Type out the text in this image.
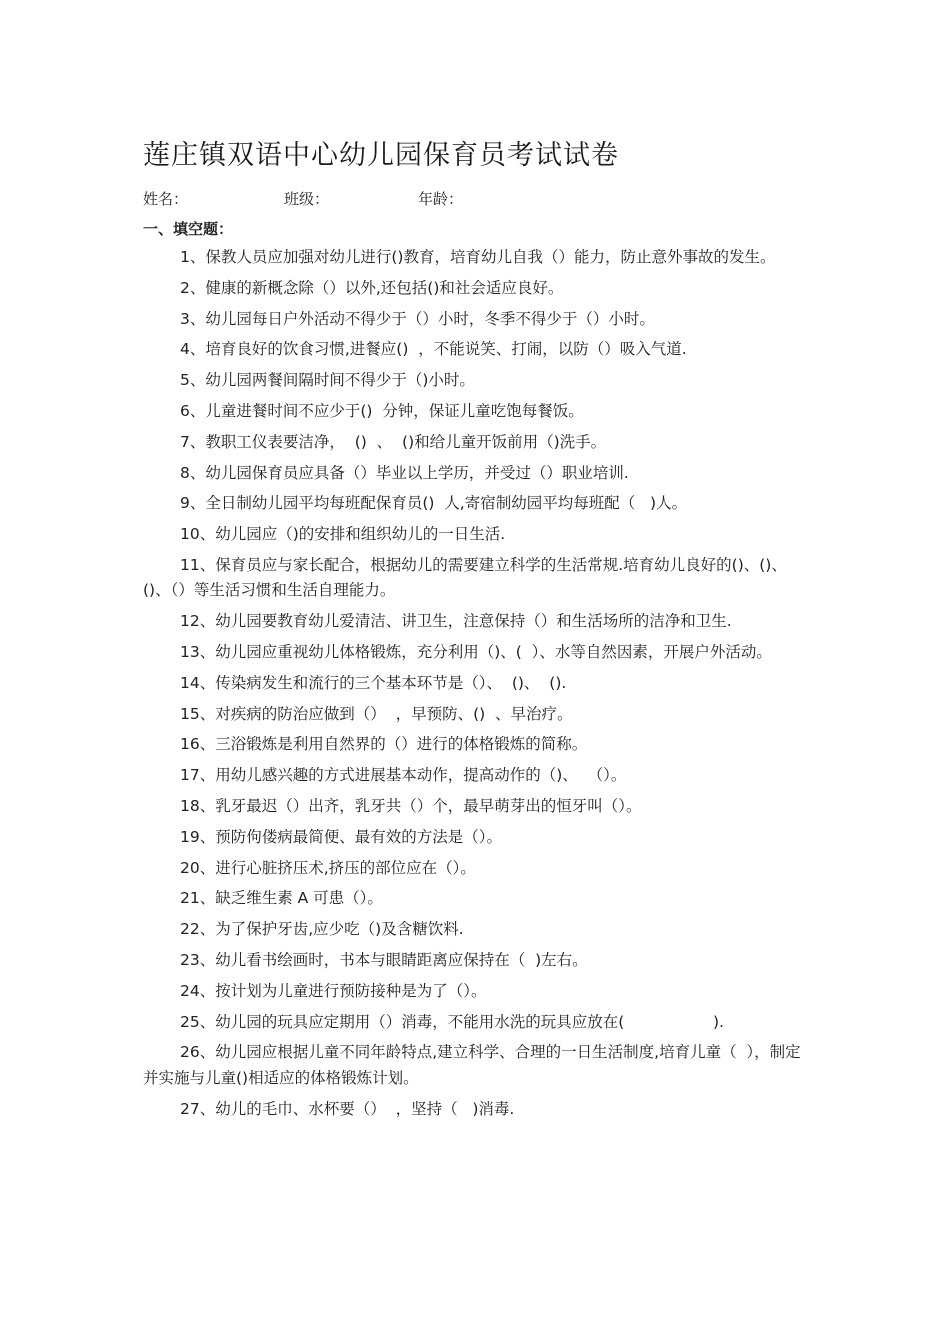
莲庄镇双语中心幼儿园保育员考试试卷
姓名：	班级：	年龄：
一、填空题：
1、保教人员应加强对幼儿进行()教育，培育幼儿自我（）能力，防止意外事故的发生。
2、健康的新概念除（）以外,还包括()和社会适应良好。
3、幼儿园每日户外活动不得少于（）小时，冬季不得少于（）小时。
4、培育良好的饮食习惯,进餐应()  ，不能说笑、打闹，以防（）吸入气道.
5、幼儿园两餐间隔时间不得少于（)小时。
6、儿童进餐时间不应少于()  分钟，保证儿童吃饱每餐饭。
7、教职工仪表要洁净，  ()  、  ()和给儿童开饭前用（)洗手。
8、幼儿园保育员应具备（）毕业以上学历，并受过（）职业培训.
9、全日制幼儿园平均每班配保育员()  人,寄宿制幼园平均每班配（   )人。
10、幼儿园应（)的安排和组织幼儿的一日生活.
11、保育员应与家长配合，根据幼儿的需要建立科学的生活常规.培育幼儿良好的()、()、  ()、（）等生活习惯和生活自理能力。
12、幼儿园要教育幼儿爱清洁、讲卫生，注意保持（）和生活场所的洁净和卫生.
13、幼儿园应重视幼儿体格锻炼，充分利用（)、(  ）、水等自然因素，开展户外活动。
14、传染病发生和流行的三个基本环节是（）、  ()、  ().
15、对疾病的防治应做到（）  ，早预防、()  、早治疗。
16、三浴锻炼是利用自然界的（）进行的体格锻炼的简称。
17、用幼儿感兴趣的方式进展基本动作，提高动作的（)、  （）。
18、乳牙最迟（）出齐，乳牙共（）个，最早萌芽出的恒牙叫（）。
19、预防佝偻病最简便、最有效的方法是（）。
20、进行心脏挤压术,挤压的部位应在（）。
21、缺乏维生素 A 可患（）。
22、为了保护牙齿,应少吃（)及含糖饮料.
23、幼儿看书绘画时，书本与眼睛距离应保持在（  )左右。
24、按计划为儿童进行预防接种是为了（）。
25、幼儿园的玩具应定期用（）消毒，不能用水洗的玩具应放在(                  ).
26、幼儿园应根据儿童不同年龄特点,建立科学、合理的一日生活制度,培育儿童（  ），制定并实施与儿童()相适应的体格锻炼计划。
27、幼儿的毛巾、水杯要（）  ，坚持（   )消毒.
